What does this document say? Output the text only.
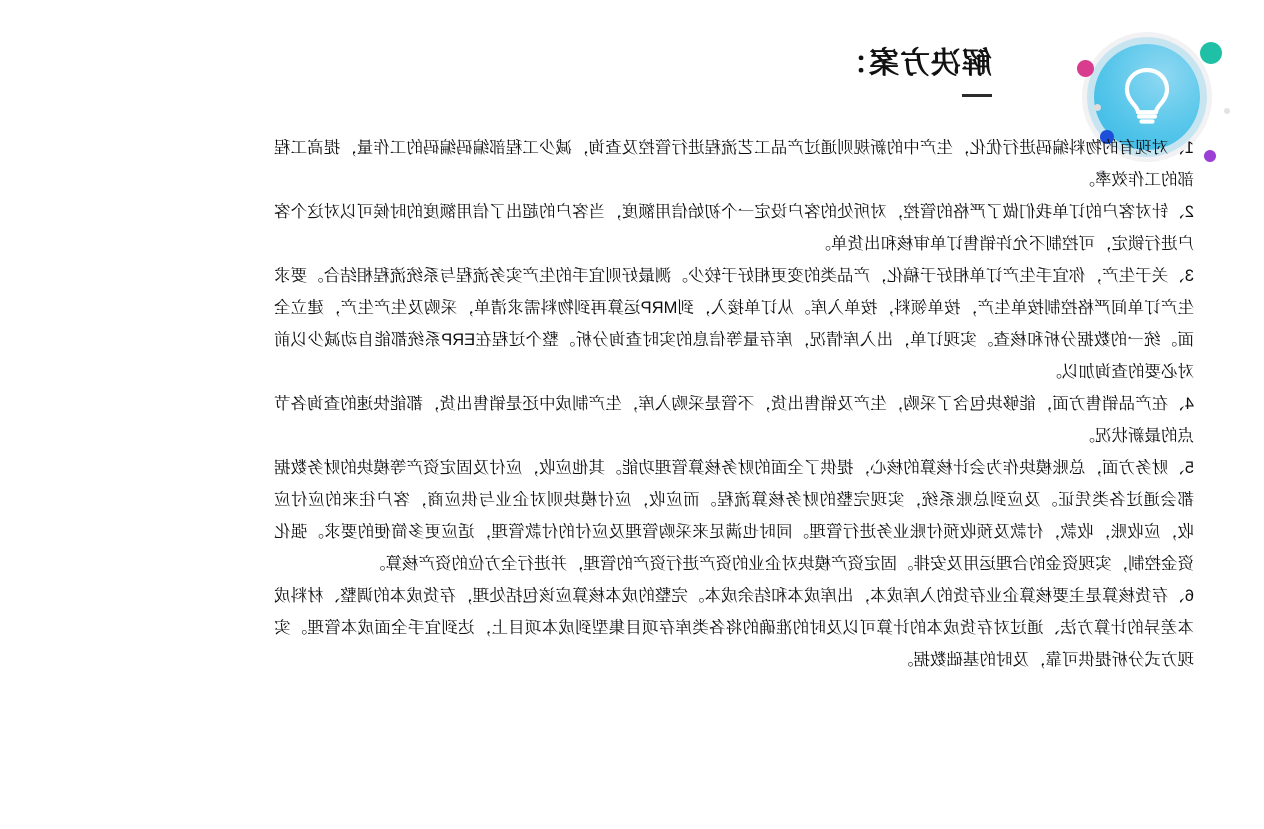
解决方案：

1、对现有的物料编码进行优化，生产中的新规则通过产品工艺流程进行管控及查询，减少工程部编码编码的工作量，提高工程部的工作效率。

2、针对客户的订单我们做了严格的管控，对所处的客户设定一个初始信用额度，当客户的超出了信用额度的时候可以对这个客户进行锁定，可控制不允许销售订单审核和出货单。

3、关于生产，你宜手生产订单相好于稿化，产品类的变更相好于较少。测最好则宜手的生产实务流程与系统流程相结合。要求生产订单间严格控制按单生产，按单领料，按单入库。从订单接入，到MRP运算再到物料需求清单，采购及生产生产，建立全面。统一的数据分析和核查。实现订单，出入库情况，库存量等信息的实时查询分析。整个过程在ERP系统都能自动减少以前对必要的查询加以。

4、在产品销售方面，能够块包含了采购，生产及销售出货，不管是采购入库，生产制成中还是销售出货，都能快速的查询各节点的最新状况。

5、财务方面，总账模块作为会计核算的核心，提供了全面的财务核算管理功能。其他应收，应付及固定资产等模块的财务数据都会通过各类凭证。及应到总账系统，实现完整的财务核算流程。而应收，应付模块则对企业与供应商，客户往来的应付应收，应收账，收款，付款及预收预付账业务进行管理。同时也满足来采购管理及应付的付款管理，适应更多简便的要求。强化资金控制，实现资金的合理运用及安排。固定资产模块对企业的资产进行资产的管理，并进行全方位的资产核算。

6、存货核算是主要核算企业存货的入库成本，出库成本和结余成本。完整的成本核算应该包括处理，存货成本的调整、材料成本差异的计算方法、通过对存货成本的计算可以及时的准确的将各类库存项目集型到成本项目上，达到宜手全面成本管理。实现方式分析提供可靠，及时的基础数据。
